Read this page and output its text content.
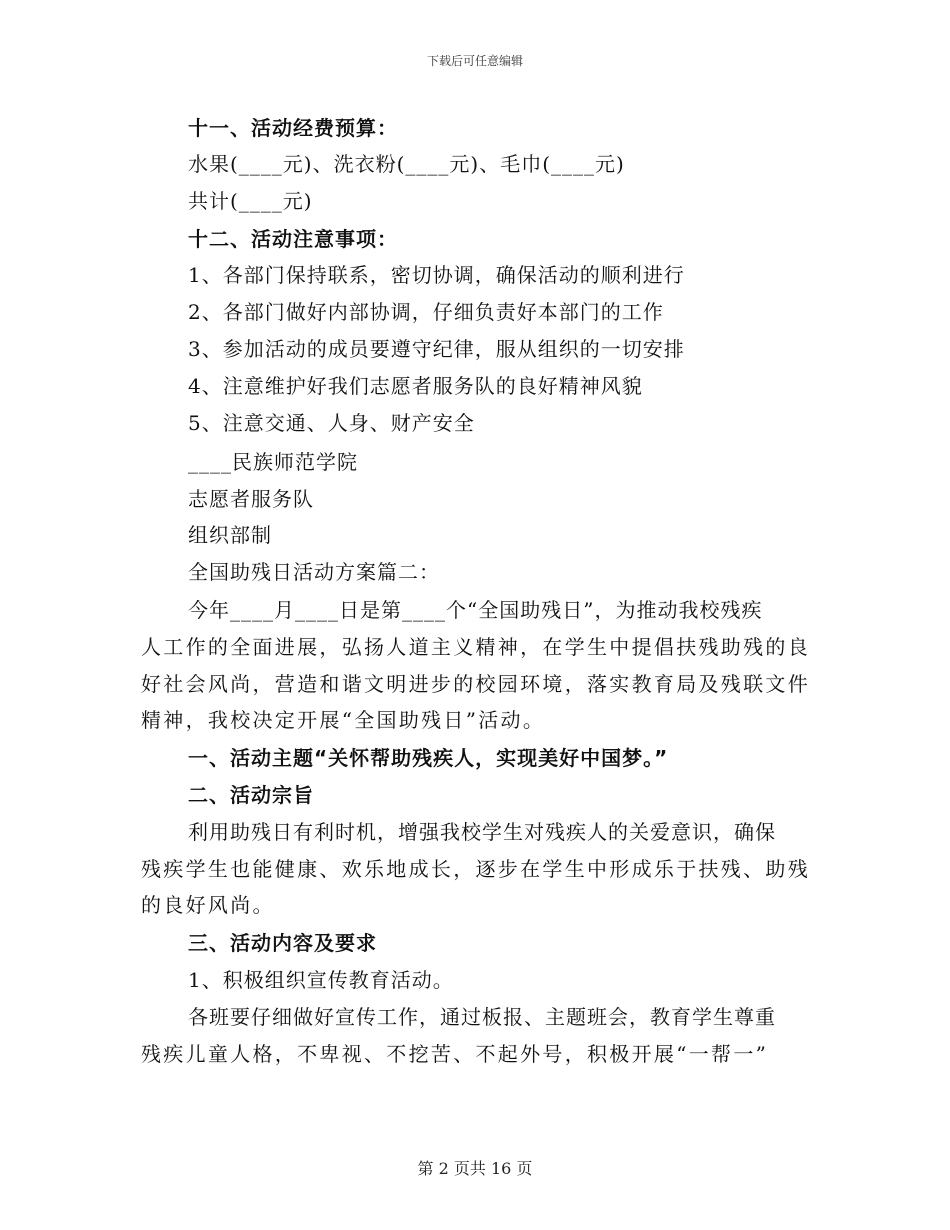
下载后可任意编辑
十一、活动经费预算：
水果(____元)、洗衣粉(____元)、毛巾(____元)
共计(____元)
十二、活动注意事项：
1、各部门保持联系，密切协调，确保活动的顺利进行
2、各部门做好内部协调，仔细负责好本部门的工作
3、参加活动的成员要遵守纪律，服从组织的一切安排
4、注意维护好我们志愿者服务队的良好精神风貌
5、注意交通、人身、财产安全
____民族师范学院
志愿者服务队
组织部制
全国助残日活动方案篇二：
今年____月____日是第____个“全国助残日”，为推动我校残疾
人工作的全面进展，弘扬人道主义精神，在学生中提倡扶残助残的良
好社会风尚，营造和谐文明进步的校园环境，落实教育局及残联文件
精神，我校决定开展“全国助残日”活动。
一、活动主题“关怀帮助残疾人，实现美好中国梦。”
二、活动宗旨
利用助残日有利时机，增强我校学生对残疾人的关爱意识，确保
残疾学生也能健康、欢乐地成长，逐步在学生中形成乐于扶残、助残
的良好风尚。
三、活动内容及要求
1、积极组织宣传教育活动。
各班要仔细做好宣传工作，通过板报、主题班会，教育学生尊重
残疾儿童人格，不卑视、不挖苦、不起外号，积极开展“一帮一”
第 2 页共 16 页
